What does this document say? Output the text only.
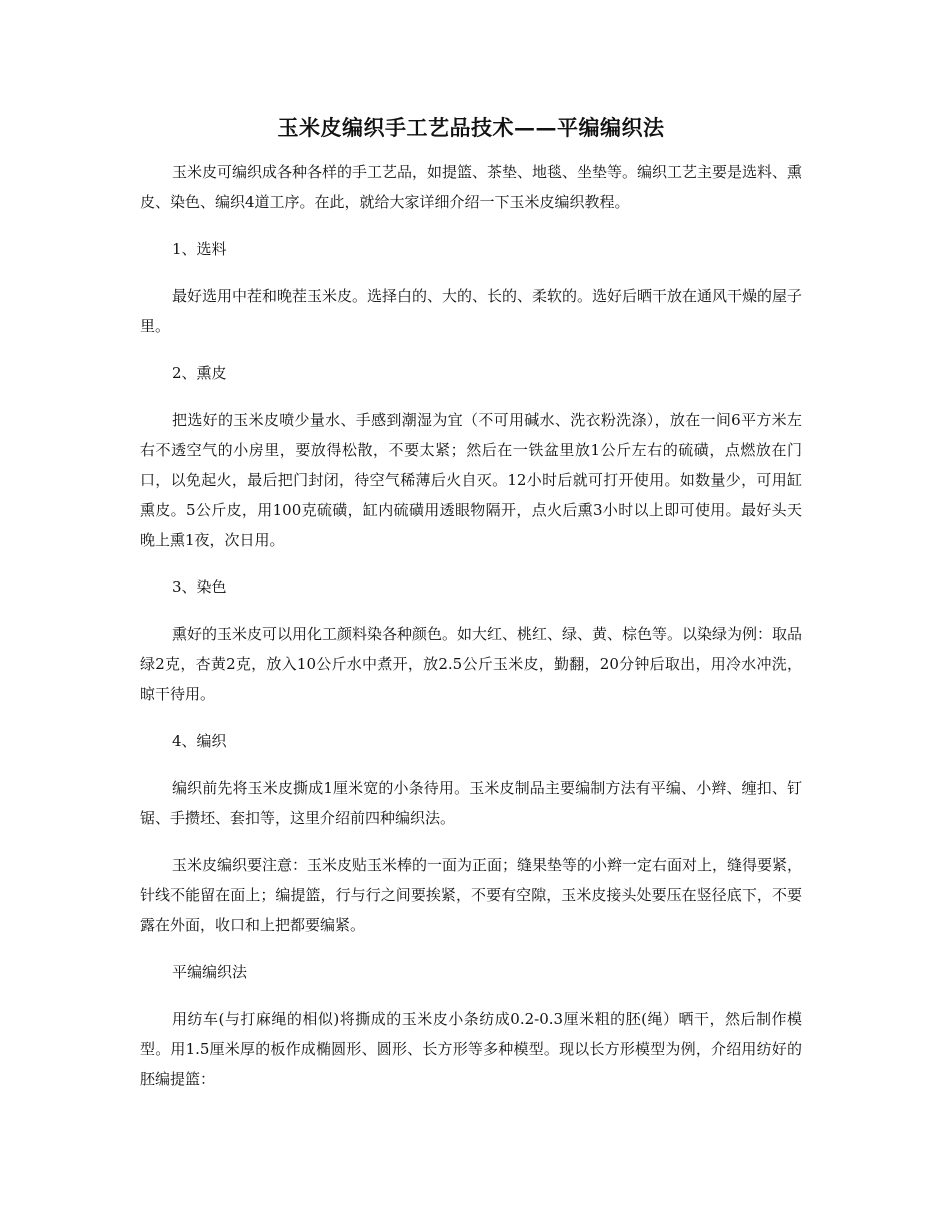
玉米皮编织手工艺品技术——平编编织法

玉米皮可编织成各种各样的手工艺品，如提篮、茶垫、地毯、坐垫等。编织工艺主要是选料、熏皮、染色、编织4道工序。在此，就给大家详细介绍一下玉米皮编织教程。

1、选料

最好选用中茬和晚茬玉米皮。选择白的、大的、长的、柔软的。选好后晒干放在通风干燥的屋子里。

2、熏皮

把选好的玉米皮喷少量水、手感到潮湿为宜（不可用碱水、洗衣粉洗涤），放在一间6平方米左右不透空气的小房里，要放得松散，不要太紧；然后在一铁盆里放1公斤左右的硫磺，点燃放在门口，以免起火，最后把门封闭，待空气稀薄后火自灭。12小时后就可打开使用。如数量少，可用缸熏皮。5公斤皮，用100克硫磺，缸内硫磺用透眼物隔开，点火后熏3小时以上即可使用。最好头天晚上熏1夜，次日用。

3、染色

熏好的玉米皮可以用化工颜料染各种颜色。如大红、桃红、绿、黄、棕色等。以染绿为例：取品绿2克，杏黄2克，放入10公斤水中煮开，放2.5公斤玉米皮，勤翻，20分钟后取出，用冷水冲洗，晾干待用。

4、编织

编织前先将玉米皮撕成1厘米宽的小条待用。玉米皮制品主要编制方法有平编、小辫、缠扣、钉锯、手攒坯、套扣等，这里介绍前四种编织法。

玉米皮编织要注意：玉米皮贴玉米棒的一面为正面；缝果垫等的小辫一定右面对上，缝得要紧，针线不能留在面上；编提篮，行与行之间要挨紧，不要有空隙，玉米皮接头处要压在竖径底下，不要露在外面，收口和上把都要编紧。

平编编织法

用纺车(与打麻绳的相似)将撕成的玉米皮小条纺成0.2-0.3厘米粗的胚(绳）晒干，然后制作模型。用1.5厘米厚的板作成椭圆形、圆形、长方形等多种模型。现以长方形模型为例，介绍用纺好的胚编提篮：
